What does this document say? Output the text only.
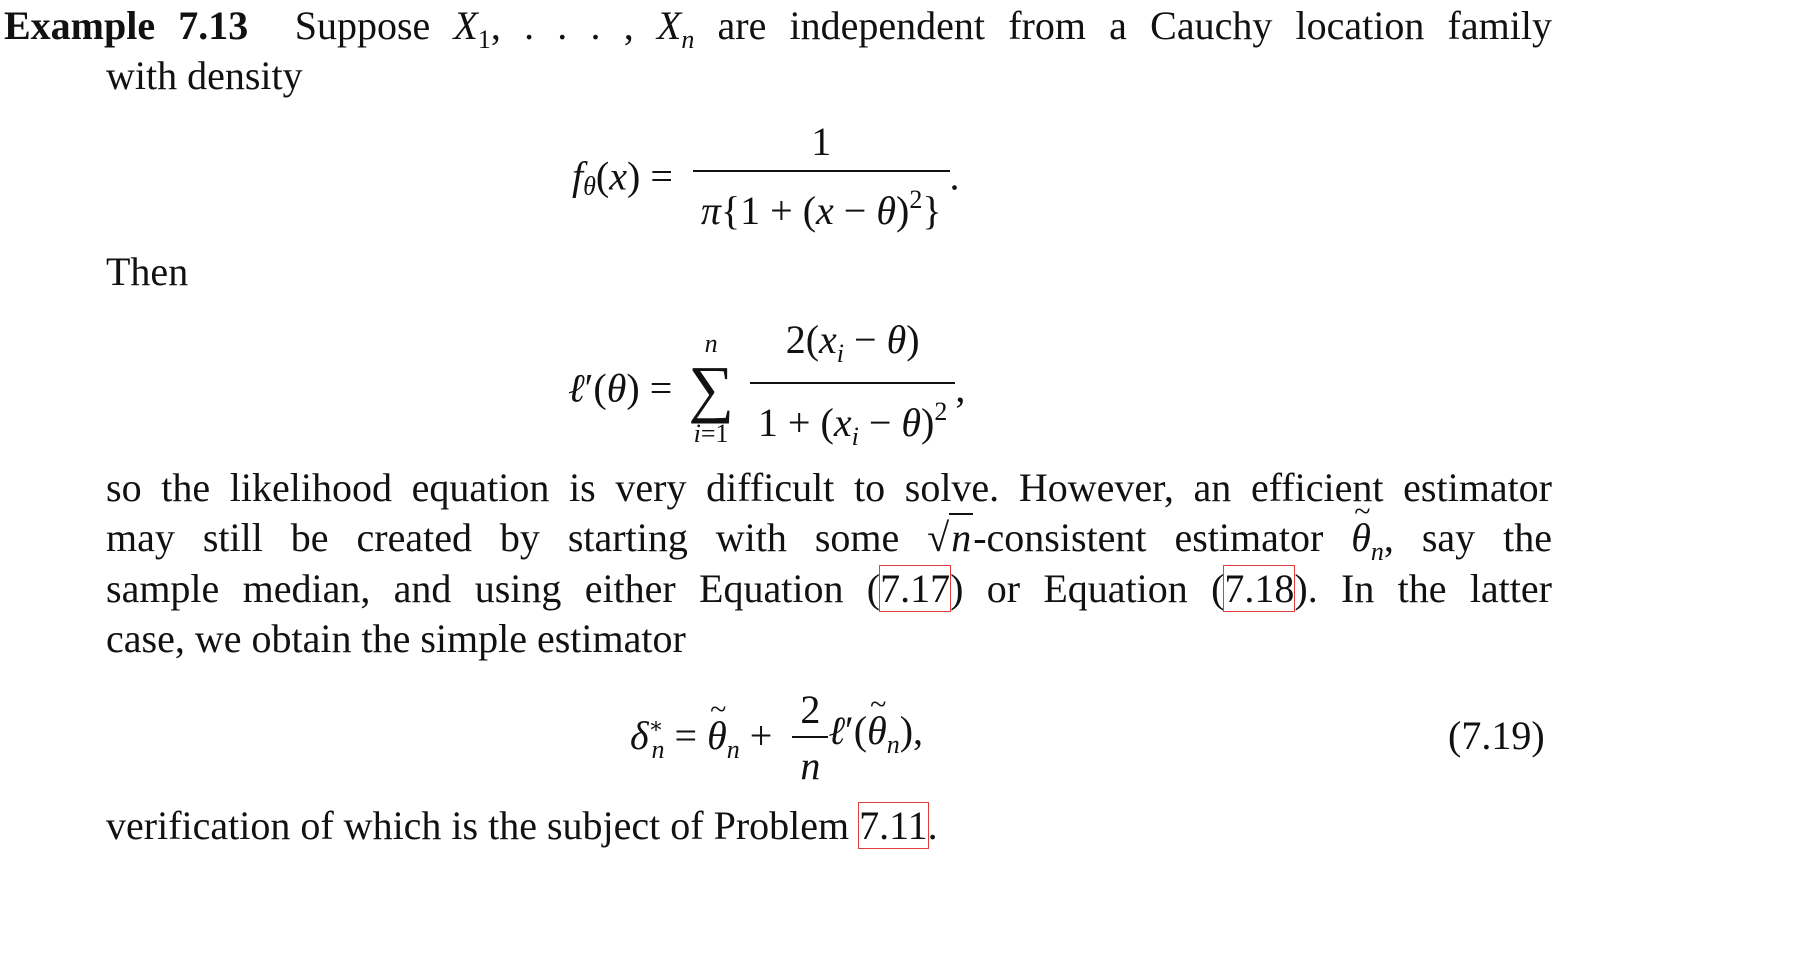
Example 7.13  Suppose $X_1$, . . . , $X_n$ are independent from a Cauchy location family
with density
$f_\theta(x) = \frac{1}{\pi\{1 + (x - \theta)^2\}}$ .
Then
ℓ′(θ) =
n
∑
i=1
$\frac{2(x_i - \theta)}{1 + (x_i - \theta)^2}$ ,
so the likelihood equation is very difficult to solve. However, an efficient estimator
may still be created by starting with some √n-consistent estimator ~ $\theta_n$, say the
sample median, and using either Equation (7.17) or Equation (7.18). In the latter
case, we obtain the simple estimator
$\delta^∗_n$ = ~ $\theta_n + \frac{2}{n}$ ℓ′(~ $\theta_n$),	(7.19)
verification of which is the subject of Problem 7.11.
